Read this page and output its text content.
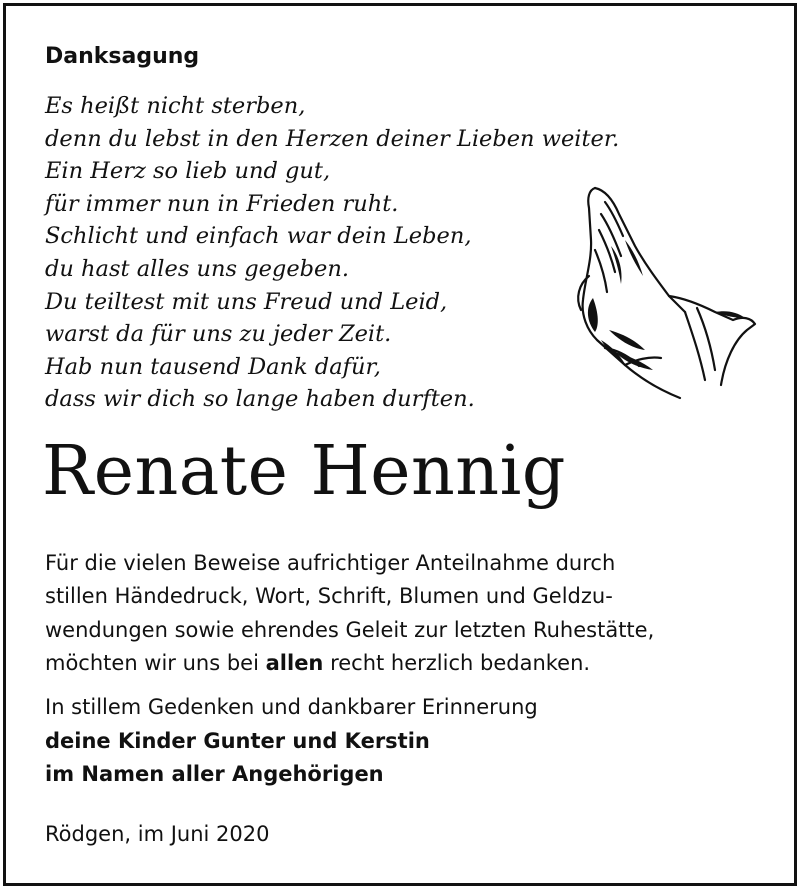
Danksagung
Es heißt nicht sterben,
denn du lebst in den Herzen deiner Lieben weiter.
Ein Herz so lieb und gut,
für immer nun in Frieden ruht.
Schlicht und einfach war dein Leben,
du hast alles uns gegeben.
Du teiltest mit uns Freud und Leid,
warst da für uns zu jeder Zeit.
Hab nun tausend Dank dafür,
dass wir dich so lange haben durften.
Renate Hennig
Für die vielen Beweise aufrichtiger Anteilnahme durch
stillen Händedruck, Wort, Schrift, Blumen und Geldzu-
wendungen sowie ehrendes Geleit zur letzten Ruhestätte,
möchten wir uns bei allen recht herzlich bedanken.
In stillem Gedenken und dankbarer Erinnerung
deine Kinder Gunter und Kerstin
im Namen aller Angehörigen
Rödgen, im Juni 2020
